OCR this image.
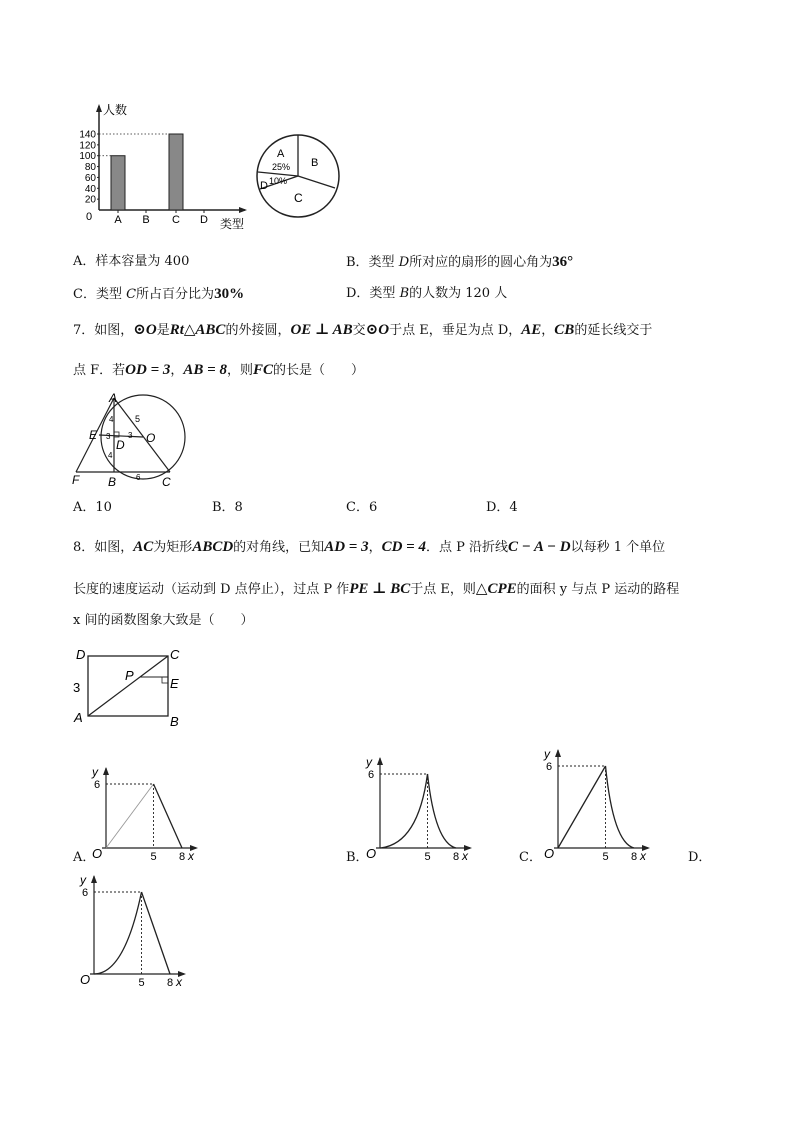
人数
类型
0
140
120
100
80
60
40
20
A B C D
A
25% B
D 10%
C
A．样本容量为 400	B．类型 D所对应的扇形的圆心角为36°
C．类型 C所占百分比为30%	D．类型 B的人数为 120 人
7．如图，⊙O是Rt△ABC的外接圆，OE ⊥ AB交⊙O于点 E，垂足为点 D，AE，CB的延长线交于
点 F．若OD = 3，AB = 8，则FC的长是（　　）
A
E
D O
F B	C
5
4
3
4
3
6
A．10	B．8	C．6	D．4
8．如图，AC为矩形ABCD的对角线，已知AD = 3，CD = 4．点 P 沿折线C − A − D以每秒 1 个单位
长度的速度运动（运动到 D 点停止），过点 P 作PE ⊥ BC于点 E，则△CPE的面积 y 与点 P 运动的路程
x 间的函数图象大致是（　　）
D	C
P
E
A	B
3
A．
y
x
6
5 8
O	B．
y
x
6
5 8
O	C．
y
x
6
5 8
O	D．
y
x
6
5 8
O
